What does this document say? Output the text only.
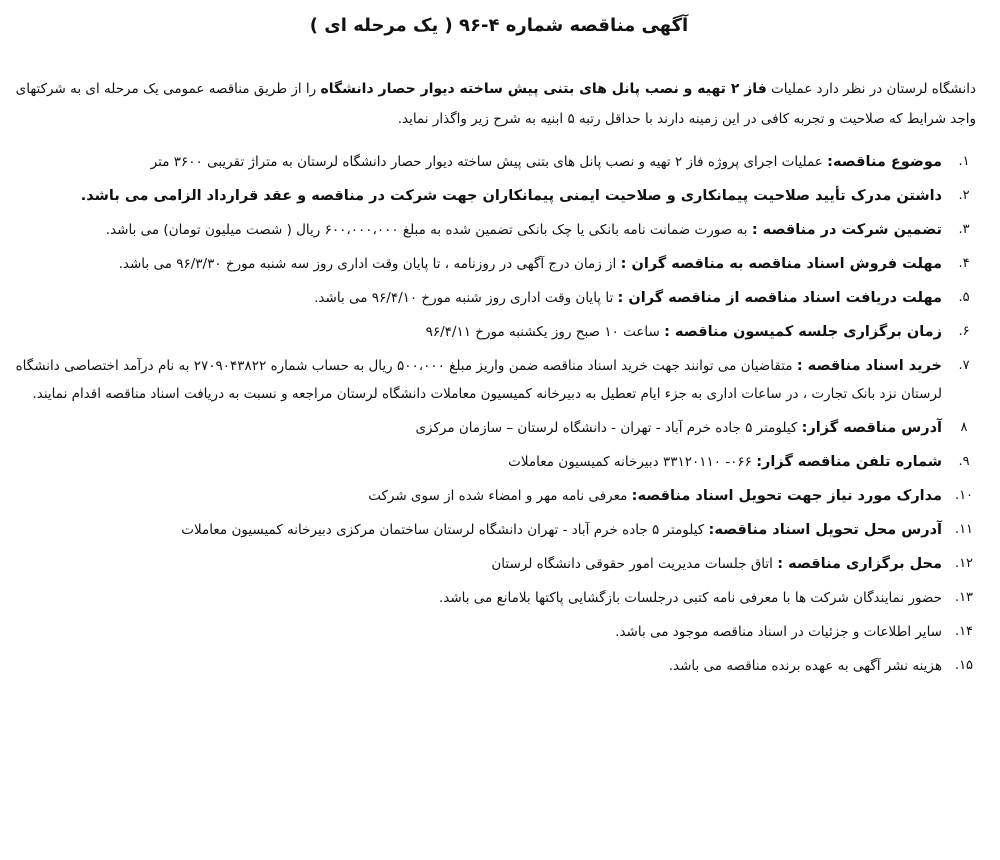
آگهی مناقصه شماره ۴-۹۶ ( یک مرحله ای )

دانشگاه لرستان در نظر دارد عملیات فاز ۲ تهیه و نصب پانل های بتنی پیش ساخته دیوار حصار دانشگاه را از طریق مناقصه عمومی یک مرحله ای به شرکتهای واجد شرایط که صلاحیت و تجربه کافی در این زمینه دارند با حداقل رتبه ۵ ابنیه به شرح زیر واگذار نماید.

۱.
موضوع مناقصه: عملیات اجرای پروژه فاز ۲ تهیه و نصب پانل های بتنی پیش ساخته دیوار حصار دانشگاه لرستان به متراژ تقریبی ۳۶۰۰ متر
۲.
داشتن مدرک تأیید صلاحیت پیمانکاری و صلاحیت ایمنی پیمانکاران جهت شرکت در مناقصه و عقد قرارداد الزامی می باشد.
۳.
تضمین شرکت در مناقصه : به صورت ضمانت نامه بانکی یا چک بانکی تضمین شده به مبلغ ۶۰۰،۰۰۰،۰۰۰ ریال ( شصت میلیون تومان) می باشد.
۴.
مهلت فروش اسناد مناقصه به مناقصه گران : از زمان درج آگهی در روزنامه ، تا پایان وقت اداری روز سه شنبه مورخ ۹۶/۳/۳۰ می باشد.
۵.
مهلت دریافت اسناد مناقصه از مناقصه گران : تا پایان وقت اداری روز شنبه مورخ ۹۶/۴/۱۰ می باشد.
۶.
زمان برگزاری جلسه کمیسون مناقصه : ساعت ۱۰ صبح روز یکشنبه مورخ ۹۶/۴/۱۱
۷.
خرید اسناد مناقصه : متقاضیان می توانند جهت خرید اسناد مناقصه ضمن واریز مبلغ ۵۰۰،۰۰۰ ریال به حساب شماره ۲۷۰۹۰۴۳۸۲۲ به نام درآمد اختصاصی دانشگاه لرستان نزد بانک تجارت ، در ساعات اداری به جزء ایام تعطیل به دبیرخانه کمیسیون معاملات دانشگاه لرستان مراجعه و نسبت به دریافت اسناد مناقصه اقدام نمایند.
۸
آدرس مناقصه گزار: کیلومتر ۵ جاده خرم آباد - تهران - دانشگاه لرستان – سازمان مرکزی
۹.
شماره تلفن مناقصه گزار: ۰۶۶- ۳۳۱۲۰۱۱۰ دبیرخانه کمیسیون معاملات
۱۰.
مدارک مورد نیاز جهت تحویل اسناد مناقصه: معرفی نامه مهر و امضاء شده از سوی شرکت
۱۱.
آدرس محل تحویل اسناد مناقصه: کیلومتر ۵ جاده خرم آباد - تهران دانشگاه لرستان ساختمان مرکزی دبیرخانه کمیسیون معاملات
۱۲.
محل برگزاری مناقصه : اتاق جلسات مدیریت امور حقوقی دانشگاه لرستان
۱۳.
حضور نمایندگان شرکت ها با معرفی نامه کتبی درجلسات بازگشایی پاکتها بلامانع می باشد.
۱۴.
سایر اطلاعات و جزئیات در اسناد مناقصه موجود می باشد.
۱۵.
هزینه نشر آگهی به عهده برنده مناقصه می باشد.
